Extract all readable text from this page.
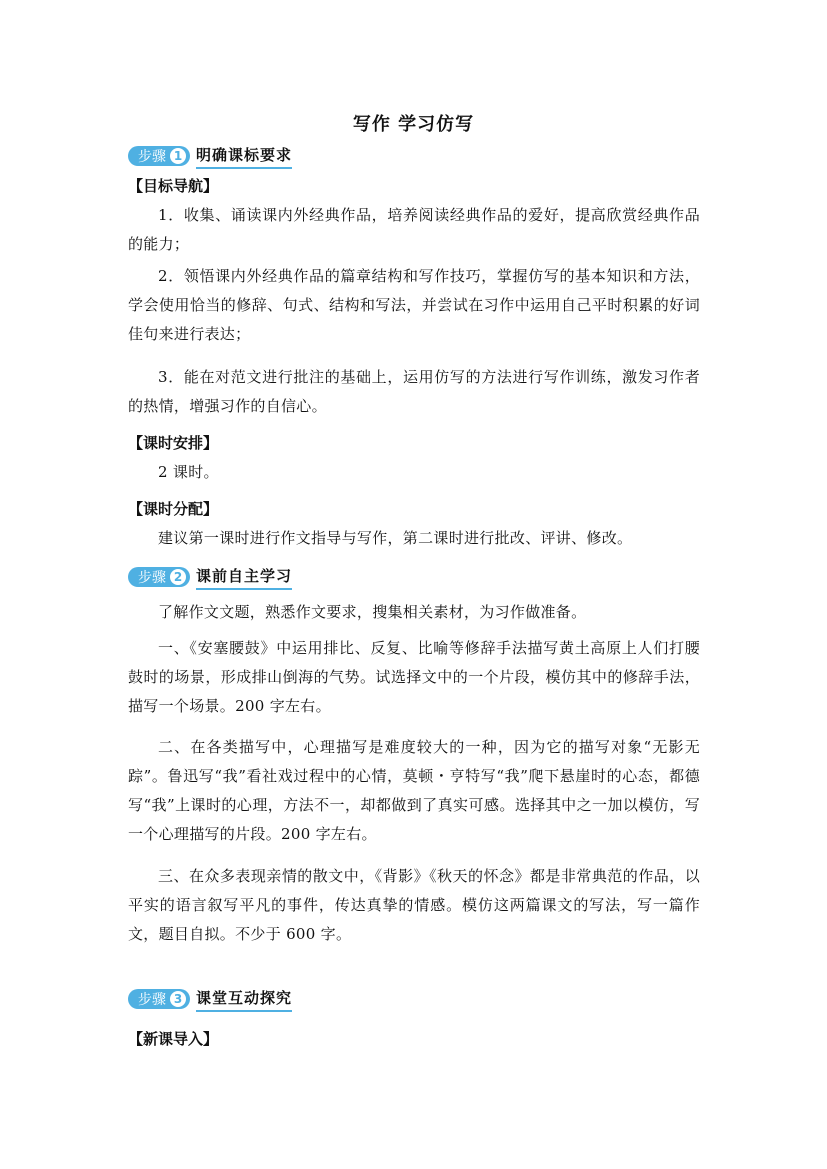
写作 学习仿写
步骤 1 明确课标要求
【目标导航】
1．收集、诵读课内外经典作品，培养阅读经典作品的爱好，提高欣赏经典作品的能力；
2．领悟课内外经典作品的篇章结构和写作技巧，掌握仿写的基本知识和方法，学会使用恰当的修辞、句式、结构和写法，并尝试在习作中运用自己平时积累的好词佳句来进行表达；
3．能在对范文进行批注的基础上，运用仿写的方法进行写作训练，激发习作者的热情，增强习作的自信心。
【课时安排】
2 课时。
【课时分配】
建议第一课时进行作文指导与写作，第二课时进行批改、评讲、修改。
步骤 2 课前自主学习
了解作文文题，熟悉作文要求，搜集相关素材，为习作做准备。
一、《安塞腰鼓》中运用排比、反复、比喻等修辞手法描写黄土高原上人们打腰鼓时的场景，形成排山倒海的气势。试选择文中的一个片段，模仿其中的修辞手法，描写一个场景。200 字左右。
二、在各类描写中，心理描写是难度较大的一种，因为它的描写对象“无影无踪”。鲁迅写“我”看社戏过程中的心情，莫顿・亨特写“我”爬下悬崖时的心态，都德写“我”上课时的心理，方法不一，却都做到了真实可感。选择其中之一加以模仿，写一个心理描写的片段。200 字左右。
三、在众多表现亲情的散文中，《背影》《秋天的怀念》都是非常典范的作品，以平实的语言叙写平凡的事件，传达真挚的情感。模仿这两篇课文的写法，写一篇作文，题目自拟。不少于 600 字。
步骤 3 课堂互动探究
【新课导入】
